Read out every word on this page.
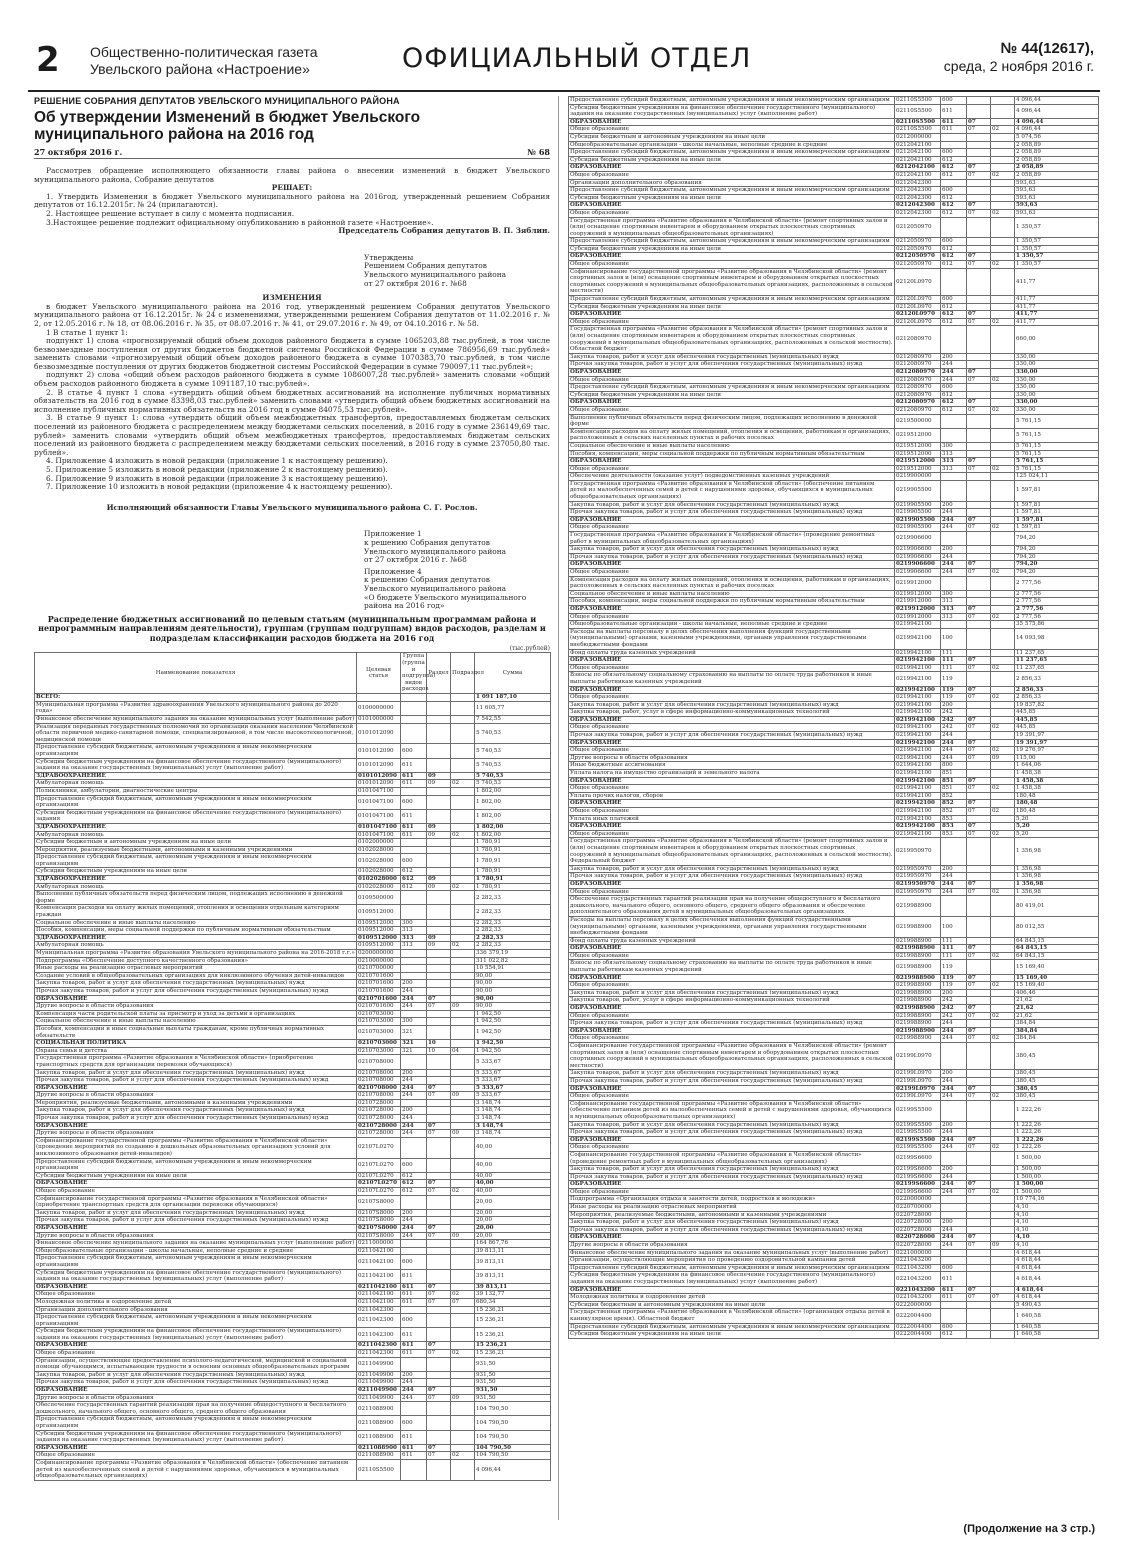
2 Общественно-политическая газета
Увельского района «Настроение»	ОФИЦИАЛЬНЫЙ ОТДЕЛ	№ 44(12617),
среда, 2 ноября 2016 г.

РЕШЕНИЕ СОБРАНИЯ ДЕПУТАТОВ УВЕЛЬСКОГО МУНИЦИПАЛЬНОГО РАЙОНА

Об утверждении Изменений в бюджет Увельского муниципального района на 2016 год
27 октября 2016 г.	№ 68

Рассмотрев обращение исполняющего обязанности главы района о внесении изменений в бюджет Увельского муниципального района, Собрание депутатов

РЕШАЕТ:

1. Утвердить Изменения в бюджет Увельского муниципального района на 2016год, утвержденный решением Собрания депутатов от 16.12.2015г. № 24 (прилагаются).

2. Настоящее решение вступает в силу с момента подписания.

3.Настоящее решение подлежит официальному опубликованию в районной газете «Настроение».

Председатель Собрания депутатов В. П. Зяблин.

Утверждены
Решением Собрания депутатов
Увельского муниципального района
от 27 октября 2016 г. №68

ИЗМЕНЕНИЯ

в бюджет Увельского муниципального района на 2016 год, утвержденный решением Собрания депутатов Увельского муниципального района от 16.12.2015г. № 24 с изменениями, утвержденными решением Собрания депутатов от 11.02.2016 г. № 2, от 12.05.2016 г. № 18, от 08.06.2016 г. № 35, от 08.07.2016 г. № 41, от 29.07.2016 г. № 49, от 04.10.2016 г. № 58.

1 В статье 1 пункт 1:

подпункт 1) слова «прогнозируемый общий объем доходов районного бюджета в сумме 1065203,88 тыс.рублей, в том числе безвозмездные поступления от других бюджетов бюджетной системы Российской Федерации в сумме 786956,69 тыс.рублей» заменить словами «прогнозируемый общий объем доходов районного бюджета в сумме 1070383,70 тыс.рублей, в том числе безвозмездные поступления от других бюджетов бюджетной системы Российской Федерации в сумме 790097,11 тыс.рублей»;

подпункт 2) слова «общий объем расходов районного бюджета в сумме 1086007,28 тыс.рублей» заменить словами «общий объем расходов районного бюджета в сумме 1091187,10 тыс.рублей».

2. В статье 4 пункт 1 слова «утвердить общий объем бюджетных ассигнований на исполнение публичных нормативных обязательств на 2016 год в сумме 83398,03 тыс.рублей» заменить словами «утвердить общий объем бюджетных ассигнований на исполнение публичных нормативных обязательств на 2016 год в сумме 84075,53 тыс.рублей».

3. В статье 9 пункт 1: слова «утвердить общий объем межбюджетных трансфертов, предоставляемых бюджетам сельских поселений из районного бюджета с распределением между бюджетами сельских поселений, в 2016 году в сумме 236149,69 тыс. рублей» заменить словами «утвердить общий объем межбюджетных трансфертов, предоставляемых бюджетам сельских поселений из районного бюджета с распределением между бюджетами сельских поселений, в 2016 году в сумме 237050,80 тыс. рублей».

4. Приложение 4 изложить в новой редакции (приложение 1 к настоящему решению).

5. Приложение 5 изложить в новой редакции (приложение 2 к настоящему решению).

6. Приложение 9 изложить в новой редакции (приложение 3 к настоящему решению).

7. Приложение 10 изложить в новой редакции (приложение 4 к настоящему решению).

Исполняющий обязанности Главы Увельского муниципального района С. Г. Рослов.

Приложение 1
к решению Собрания депутатов
Увельского муниципального района
от 27 октября 2016 г. №68
Приложение 4
к решению Собрания депутатов
Увельского муниципального района
«О бюджете Увельского муниципального района на 2016 год»
Распределение бюджетных ассигнований по целевым статьям (муниципальным программам района и непрограммным направлениям деятельности), группам (группам подгруппам) видов расходов, разделам и подразделам классификации расходов бюджета на 2016 год
(тыс.рублей)
Наименование показателя	Целевая статья	Группа (группа и подгруппа) видов расходов	Раздел	Подраздел	Сумма
ВСЕГО:					1 091 187,10
Муниципальная программа «Развитие здравоохранения Увельского муниципального района до 2020 года»	0100000000				11 605,77
Финансовое обеспечение муниципального задания на оказание муниципальных услуг (выполнение работ)	0101000000				7 542,55
Реализация переданных государственных полномочий по организации оказания населению Челябинской области первичной медико-санитарной помощи, специализированной, в том числе высокотехнологичной, медицинской помощи	0101012090				5 740,53
Предоставление субсидий бюджетным, автономным учреждениям и иным некоммерческим организациям	0101012090	600			5 740,53
Субсидии бюджетным учреждениям на финансовое обеспечение государственного (муниципального) задания на оказание государственных (муниципальных) услуг (выполнение работ)	0101012090	611			5 740,53
ЗДРАВООХРАНЕНИЕ	0101012090	611	09		5 740,53
Амбулаторная помощь	0101012090	611	09	02	5 740,53
Поликлиники, амбулатории, диагностические центры	0101047100				1 802,00
Предоставление субсидий бюджетным, автономным учреждениям и иным некоммерческим организациям	0101047100	600			1 802,00
Субсидии бюджетным учреждениям на финансовое обеспечение государственного (муниципального) задания	0101047100	611			1 802,00
ЗДРАВООХРАНЕНИЕ	0101047100	611	09		1 802,00
Амбулаторная помощь	0101047100	611	09	02	1 802,00
Субсидии бюджетным и автономным учреждениям на иные цели	0102000000				1 780,91
Мероприятия, реализуемые бюджетными, автономными и казенными учреждениями	0102028000				1 780,91
Предоставление субсидий бюджетным, автономным учреждениям и иным некоммерческим организациям	0102028000	600			1 780,91
Субсидии бюджетным учреждениям на иные цели	0102028000	612			1 780,91
ЗДРАВООХРАНЕНИЕ	0102028000	612	09		1 780,91
Амбулаторная помощь	0102028000	612	09	02	1 780,91
Выполнение публичных обязательств перед физическим лицом, подлежащих исполнению в денежной форме	0109500000				2 282,33
Компенсация расходов на оплату жилых помещений, отопления и освещения отдельным категориям граждан	0109512000				2 282,33
Социальное обеспечение и иные выплаты населению	0109512000	300			2 282,33
Пособия, компенсации, меры социальной поддержки по публичным нормативным обязательствам	0109512000	313			2 282,33
ЗДРАВООХРАНЕНИЕ	0109512000	313	09		2 282,33
Амбулаторная помощь	0109512000	313	09	02	2 282,33
Муниципальная программа «Развитие образования Увельского муниципального района на 2016-2018 г.г.»	0200000000				336 379,19
Подпрограмма «Обеспечение доступного качественного образования»	0210000000				311 022,82
Иные расходы на реализацию отраслевых мероприятий	0210700000				10 554,91
Создание условий в общеобразовательных организациях для инклюзивного обучения детей-инвалидов	0210701600				90,00
Закупка товаров, работ и услуг для обеспечения государственных (муниципальных) нужд	0210701600	200			90,00
Прочая закупка товаров, работ и услуг для обеспечения государственных (муниципальных) нужд	0210701600	244			90,00
ОБРАЗОВАНИЕ	0210701600	244	07		90,00
Другие вопросы в области образования	0210701600	244	07	09	90,00
Компенсация части родительской платы за присмотр и уход за детьми в организациях	0210703000				1 942,50
Социальное обеспечение и иные выплаты населению	0210703000	300			1 942,50
Пособия, компенсации и иные социальные выплаты гражданам, кроме публичных нормативных обязательств	0210703000	321			1 942,50
СОЦИАЛЬНАЯ ПОЛИТИКА	0210703000	321	10		1 942,50
Охрана семьи и детства	0210703000	321	10	04	1 942,50
Государственная программа «Развитие образования в Челябинской области» (приобретение транспортных средств для организации перевозки обучающихся)	0210708000				5 333,67
Закупка товаров, работ и услуг для обеспечения государственных (муниципальных) нужд	0210708000	200			5 333,67
Прочая закупка товаров, работ и услуг для обеспечения государственных (муниципальных) нужд	0210708000	244			5 333,67
ОБРАЗОВАНИЕ	0210708000	244	07		5 333,67
Другие вопросы в области образования	0210708000	244	07	09	5 333,67
Мероприятия, реализуемые бюджетными, автономными и казенными учреждениями	0210728000				3 148,74
Закупка товаров, работ и услуг для обеспечения государственных (муниципальных) нужд	0210728000	200			3 148,74
Прочая закупка товаров, работ и услуг для обеспечения государственных (муниципальных) нужд	0210728000	244			3 148,74
ОБРАЗОВАНИЕ	0210728000	244	07		3 148,74
Другие вопросы в области образования	0210728000	244	07	09	3 148,74
Софинансирование государственной программы «Развитие образования в Челябинской области» (проведение мероприятий по созданию в дошкольных образовательных организациях условий для инклюзивного образования детей-инвалидов)	02107L0270				40,00
Предоставление субсидий бюджетным, автономным учреждениям и иным некоммерческим организациям	02107L0270	600			40,00
Субсидии бюджетным учреждениям на иные цели	02107L0270	612			40,00
ОБРАЗОВАНИЕ	02107L0270	612	07		40,00
Общее образование	02107L0270	612	07	02	40,00
Софинансирование государственной программы «Развитие образования в Челябинской области» (приобретение транспортных средств для организации перевозки обучающихся)	02107S8000				20,00
Закупка товаров, работ и услуг для обеспечения государственных (муниципальных) нужд	02107S8000	200			20,00
Прочая закупка товаров, работ и услуг для обеспечения государственных (муниципальных) нужд	02107S8000	244			20,00
ОБРАЗОВАНИЕ	02107S8000	244	07		20,00
Другие вопросы в области образования	02107S8000	244	07	09	20,00
Финансовое обеспечение муниципального задания на оказание муниципальных услуг (выполнение работ)	0211000000				164 867,76
Общеобразовательные организации - школы начальные, неполные средние и средние	0211042100				39 813,11
Предоставление субсидий бюджетным, автономным учреждениям и иным некоммерческим организациям	0211042100	600			39 813,11
Субсидии бюджетным учреждениям на финансовое обеспечение государственного (муниципального) задания на оказание государственных (муниципальных) услуг (выполнение работ)	0211042100	611			39 813,11
ОБРАЗОВАНИЕ	0211042100	611	07		39 813,11
Общее образование	0211042100	611	07	02	39 132,77
Молодежная политика и оздоровление детей	0211042100	611	07	07	680,34
Организации дополнительного образования	0211042300				15 236,21
Предоставление субсидий бюджетным, автономным учреждениям и иным некоммерческим организациям	0211042300	600			15 236,21
Субсидии бюджетным учреждениям на финансовое обеспечение государственного (муниципального) задания на оказание государственных (муниципальных) услуг (выполнение работ)	0211042300	611			15 236,21
ОБРАЗОВАНИЕ	0211042300	611	07		15 236,21
Общее образование	0211042300	611	07	02	15 236,21
Организации, осуществляющие предоставление психолого-педагогической, медицинской и социальной помощи обучающимся, испытывающим трудности в освоении основных общеобразовательных программ	0211049900				931,50
Закупка товаров, работ и услуг для обеспечения государственных (муниципальных) нужд	0211049900	200			931,50
Прочая закупка товаров, работ и услуг для обеспечения государственных (муниципальных) нужд	0211049900	244			931,50
ОБРАЗОВАНИЕ	0211049900	244	07		931,50
Другие вопросы в области образования	0211049900	244	07	09	931,50
Обеспечение государственных гарантий реализации прав на получение общедоступного и бесплатного дошкольного, начального общего, основного общего, среднего общего образования	0211088900				104 790,50
Предоставление субсидий бюджетным, автономным учреждениям и иным некоммерческим организациям	0211088900	600			104 790,50
Субсидии бюджетным учреждениям на финансовое обеспечение государственного (муниципального) задания на оказание государственных (муниципальных) услуг (выполнение работ)	0211088900	611			104 790,50
ОБРАЗОВАНИЕ	0211088900	611	07		104 790,50
Общее образование	0211088900	611	07	02	104 790,50
Софинансирование программы «Развитие образования в Челябинской области» (обеспечение питанием детей из малообеспеченных семей и детей с нарушениями здоровья, обучающихся в муниципальных общеобразовательных организациях)	02110S5500				4 096,44
Предоставление субсидий бюджетным, автономным учреждениям и иным некоммерческим организациям	02110S5500	600			4 096,44
Субсидии бюджетным учреждениям на финансовое обеспечение государственного (муниципального) задания на оказание государственных (муниципальных) услуг (выполнение работ)	02110S5500	611			4 096,44
ОБРАЗОВАНИЕ	02110S5500	611	07		4 096,44
Общее образование	02110S5500	611	07	02	4 096,44
Субсидии бюджетным и автономным учреждениям на иные цели	0212000000				5 074,56
Общеобразовательные организации - школы начальные, неполные средние и средние	0212042100				2 058,89
Предоставление субсидий бюджетным, автономным учреждениям и иным некоммерческим организациям	0212042100	600			2 058,89
Субсидии бюджетным учреждениям на иные цели	0212042100	612			2 058,89
ОБРАЗОВАНИЕ	0212042100	612	07		2 058,89
Общее образование	0212042100	612	07	02	2 058,89
Организации дополнительного образования	0212042300				593,63
Предоставление субсидий бюджетным, автономным учреждениям и иным некоммерческим организациям	0212042300	600			593,63
Субсидии бюджетным учреждениям на иные цели	0212042300	612			593,63
ОБРАЗОВАНИЕ	0212042300	612	07		593,63
Общее образование	0212042300	612	07	02	593,63
Государственная программа «Развитие образования в Челябинской области» (ремонт спортивных залов и (или) оснащение спортивным инвентарем и оборудованием открытых плоскостных спортивных сооружений в муниципальных общеобразовательных организациях)	0212050970				1 350,57
Предоставление субсидий бюджетным, автономным учреждениям и иным некоммерческим организациям	0212050970	600			1 350,57
Субсидии бюджетным учреждениям на иные цели	0212050970	612			1 350,57
ОБРАЗОВАНИЕ	0212050970	612	07		1 350,57
Общее образование	0212050970	612	07	02	1 350,57
Софинансирование государственной программы «Развитие образования в Челябинской области» (ремонт спортивных залов и (или) оснащение спортивным инвентарем и оборудованием открытых плоскостных спортивных сооружений в муниципальных общеобразовательных организациях, расположенных в сельской местности)	02120L0970				411,77
Предоставление субсидий бюджетным, автономным учреждениям и иным некоммерческим организациям	02120L0970	600			411,77
Субсидии бюджетным учреждениям на иные цели	02120L0970	612			411,77
ОБРАЗОВАНИЕ	02120L0970	612	07		411,77
Общее образование	02120L0970	612	07	02	411,77
Государственная программа «Развитие образования в Челябинской области» (ремонт спортивных залов и (или) оснащение спортивным инвентарем и оборудованием открытых плоскостных спортивных сооружений в муниципальных общеобразовательных организациях, расположенных в сельской местности). Областной бюджет	0212080970				660,00
Закупка товаров, работ и услуг для обеспечения государственных (муниципальных) нужд	0212080970	200			330,00
Прочая закупка товаров, работ и услуг для обеспечения государственных (муниципальных) нужд	0212080970	244			330,00
ОБРАЗОВАНИЕ	0212080970	244	07		330,00
Общее образование	0212080970	244	07	02	330,00
Предоставление субсидий бюджетным, автономным учреждениям и иным некоммерческим организациям	0212080970	600			330,00
Субсидии бюджетным учреждениям на иные цели	0212080970	612			330,00
ОБРАЗОВАНИЕ	0212080970	612	07		330,00
Общее образование	0212080970	612	07	02	330,00
Выполнение публичных обязательств перед физическим лицом, подлежащих исполнению в денежной форме	0219500000				5 761,15
Компенсация расходов на оплату жилых помещений, отопления и освещения, работникам в организациях, расположенных в сельских населенных пунктах и рабочих поселках	0219512000				5 761,15
Социальное обеспечение и иные выплаты населению	0219512000	300			5 761,15
Пособия, компенсации, меры социальной поддержки по публичным нормативным обязательствам	0219512000	313			5 761,15
ОБРАЗОВАНИЕ	0219512000	313	07		5 761,15
Общее образование	0219512000	313	07	02	5 761,15
Обеспечение деятельности (оказание услуг) подведомственных казенных учреждений	0219900000				125 024,11
Государственная программа «Развитие образования в Челябинской области» (обеспечение питанием детей из малообеспеченных семей и детей с нарушениями здоровья, обучающихся в муниципальных общеобразовательных организациях)	0219905500				1 597,81
Закупка товаров, работ и услуг для обеспечения государственных (муниципальных) нужд	0219905500	200			1 597,81
Прочая закупка товаров, работ и услуг для обеспечения государственных (муниципальных) нужд	0219905500	244			1 597,81
ОБРАЗОВАНИЕ	0219905500	244	07		1 597,81
Общее образование	0219905500	244	07	02	1 597,81
Государственная программа «Развитие образования в Челябинской области» (проведение ремонтных работ в муниципальных общеобразовательных организациях)	0219906600				794,20
Закупка товаров, работ и услуг для обеспечения государственных (муниципальных) нужд	0219906600	200			794,20
Прочая закупка товаров, работ и услуг для обеспечения государственных (муниципальных) нужд	0219906600	244			794,20
ОБРАЗОВАНИЕ	0219906600	244	07		794,20
Общее образование	0219906600	244	07	02	794,20
Компенсация расходов на оплату жилых помещений, отопления и освещения, работникам в организациях, расположенных в сельских населенных пунктах и рабочих поселках	0219912000				2 777,56
Социальное обеспечение и иные выплаты населению	0219912000	300			2 777,56
Пособия, компенсации, меры социальной поддержки по публичным нормативным обязательствам	0219912000	313			2 777,56
ОБРАЗОВАНИЕ	0219912000	313	07		2 777,56
Общее образование	0219912000	313	07	02	2 777,56
Общеобразовательные организации - школы начальные, неполные средние и средние	0219942100				35 575,86
Расходы на выплаты персоналу в целях обеспечения выполнения функций государственными (муниципальными) органами, казенными учреждениями, органами управления государственными внебюджетными фондами	0219942100	100			14 093,98
Фонд оплаты труда казенных учреждений	0219942100	111			11 237,65
ОБРАЗОВАНИЕ	0219942100	111	07		11 237,65
Общее образование	0219942100	111	07	02	11 237,65
Взносы по обязательному социальному страхованию на выплаты по оплате труда работников и иные выплаты работникам казенных учреждений	0219942100	119			2 856,33
ОБРАЗОВАНИЕ	0219942100	119	07		2 856,33
Общее образование	0219942100	119	07	02	2 856,33
Закупка товаров, работ и услуг для обеспечения государственных (муниципальных) нужд	0219942100	200			19 837,82
Закупка товаров, работ, услуг в сфере информационно-коммуникационных технологий	0219942100	242			445,85
ОБРАЗОВАНИЕ	0219942100	242	07		445,85
Общее образование	0219942100	242	07	02	445,85
Прочая закупка товаров, работ и услуг для обеспечения государственных (муниципальных) нужд	0219942100	244			19 391,97
ОБРАЗОВАНИЕ	0219942100	244	07		19 391,97
Общее образование	0219942100	244	07	02	19 276,97
Другие вопросы в области образования	0219942100	244	07	09	115,00
Иные бюджетные ассигнования	0219942100	800			1 644,06
Уплата налога на имущество организаций и земельного налога	0219942100	851			1 458,38
ОБРАЗОВАНИЕ	0219942100	851	07		1 458,38
Общее образование	0219942100	851	07	02	1 458,38
Уплата прочих налогов, сборов	0219942100	852			180,48
ОБРАЗОВАНИЕ	0219942100	852	07		180,48
Общее образование	0219942100	852	07	02	180,48
Уплата иных платежей	0219942100	853			5,20
ОБРАЗОВАНИЕ	0219942100	853	07		5,20
Общее образование	0219942100	853	07	02	5,20
Государственная программа «Развитие образования в Челябинской области» (ремонт спортивных залов и (или) оснащение спортивным инвентарем и оборудованием открытых плоскостных спортивных сооружений в муниципальных общеобразовательных организациях, расположенных в сельской местности). Федеральный бюджет	0219950970				1 356,98
Закупка товаров, работ и услуг для обеспечения государственных (муниципальных) нужд	0219950970	200			1 356,98
Прочая закупка товаров, работ и услуг для обеспечения государственных (муниципальных) нужд	0219950970	244			1 356,98
ОБРАЗОВАНИЕ	0219950970	244	07		1 356,98
Общее образование	0219950970	244	07	02	1 356,98
Обеспечение государственных гарантий реализации прав на получение общедоступного и бесплатного дошкольного, начального общего, основного общего, среднего общего образования и обеспечение дополнительного образования детей в муниципальных общеобразовательных организациях	0219988900				80 419,01
Расходы на выплаты персоналу в целях обеспечения выполнения функций государственными (муниципальными) органами, казенными учреждениями, органами управления государственными внебюджетными фондами	0219988900	100			80 012,55
Фонд оплаты труда казенных учреждений	0219988900	111			64 843,15
ОБРАЗОВАНИЕ	0219988900	111	07		64 843,15
Общее образование	0219988900	111	07	02	64 843,15
Взносы по обязательному социальному страхованию на выплаты по оплате труда работников и иные выплаты работникам казенных учреждений	0219988900	119			15 169,40
ОБРАЗОВАНИЕ	0219988900	119	07		15 169,40
Общее образование	0219988900	119	07	02	15 169,40
Закупка товаров, работ и услуг для обеспечения государственных (муниципальных) нужд	0219988900	200			406,46
Закупка товаров, работ, услуг в сфере информационно-коммуникационных технологий	0219988900	242			21,62
ОБРАЗОВАНИЕ	0219988900	242	07		21,62
Общее образование	0219988900	242	07	02	21,62
Прочая закупка товаров, работ и услуг для обеспечения государственных (муниципальных) нужд	0219988900	244			384,84
ОБРАЗОВАНИЕ	0219988900	244	07		384,84
Общее образование	0219988900	244	07	02	384,84
Софинансирование государственной программы «Развитие образования в Челябинской области» (ремонт спортивных залов и (или) оснащение спортивным инвентарем и оборудованием открытых плоскостных спортивных сооружений в муниципальных общеобразовательных организациях, расположенных в сельской местности)	02199L0970				380,45
Закупка товаров, работ и услуг для обеспечения государственных (муниципальных) нужд	02199L0970	200			380,45
Прочая закупка товаров, работ и услуг для обеспечения государственных (муниципальных) нужд	02199L0970	244			380,45
ОБРАЗОВАНИЕ	02199L0970	244	07		380,45
Общее образование	02199L0970	244	07	02	380,45
Софинансирование государственной программы «Развитие образования в Челябинской области» (обеспечение питанием детей из малообеспеченных семей и детей с нарушениями здоровья, обучающихся в муниципальных общеобразовательных организациях)	02199S5500				1 222,26
Закупка товаров, работ и услуг для обеспечения государственных (муниципальных) нужд	02199S5500	200			1 222,26
Прочая закупка товаров, работ и услуг для обеспечения государственных (муниципальных) нужд	02199S5500	244			1 222,26
ОБРАЗОВАНИЕ	02199S5500	244	07		1 222,26
Общее образование	02199S5500	244	07	02	1 222,26
Софинансирование государственной программы «Развитие образования в Челябинской области» (проведение ремонтных работ в муниципальных общеобразовательных организациях)	02199S6600				1 500,00
Закупка товаров, работ и услуг для обеспечения государственных (муниципальных) нужд	02199S6600	200			1 500,00
Прочая закупка товаров, работ и услуг для обеспечения государственных (муниципальных) нужд	02199S6600	244			1 500,00
ОБРАЗОВАНИЕ	02199S6600	244	07		1 500,00
Общее образование	02199S6600	244	07	02	1 500,00
Подпрограмма «Организация отдыха и занятости детей, подростков и молодежи»	0220000000				10 774,16
Иные расходы на реализацию отраслевых мероприятий	0220700000				4,10
Мероприятия, реализуемые бюджетными, автономными и казенными учреждениями	0220728000				4,10
Закупка товаров, работ и услуг для обеспечения государственных (муниципальных) нужд	0220728000	200			4,10
Прочая закупка товаров, работ и услуг для обеспечения государственных (муниципальных) нужд	0220728000	244			4,10
ОБРАЗОВАНИЕ	0220728000	244	07		4,10
Другие вопросы в области образования	0220728000	244	07	09	4,10
Финансовое обеспечение муниципального задания на оказание муниципальных услуг (выполнение работ)	0221000000				4 618,44
Организации, осуществляющие мероприятия по проведению оздоровительной кампании детей	0221043200				4 618,44
Предоставление субсидий бюджетным, автономным учреждениям и иным некоммерческим организациям	0221043200	600			4 618,44
Субсидии бюджетным учреждениям на финансовое обеспечение государственного (муниципального) задания на оказание государственных (муниципальных) услуг (выполнение работ)	0221043200	611			4 618,44
ОБРАЗОВАНИЕ	0221043200	611	07		4 618,44
Молодежная политика и оздоровление детей	0221043200	611	07	07	4 618,44
Субсидии бюджетным и автономным учреждениям на иные цели	0222000000				5 490,43
Государственная программа «Развитие образования в Челябинской области» (организация отдыха детей в каникулярное время). Областной бюджет	0222004400				1 640,58
Предоставление субсидий бюджетным, автономным учреждениям и иным некоммерческим организациям	0222004400	600			1 640,58
Субсидии бюджетным учреждениям на иные цели	0222004400	612			1 640,58
(Продолжение на 3 стр.)
